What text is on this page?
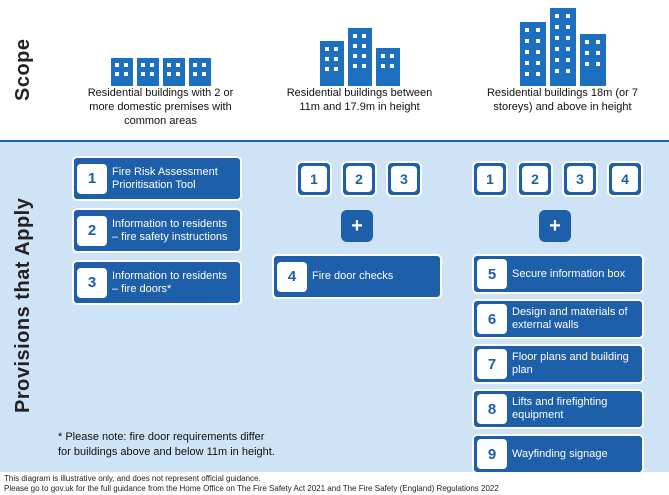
Scope	Residential buildings with 2 or more domestic premises with common areas
Residential buildings between 11m and 17.9m in height
Residential buildings 18m (or 7 storeys) and above in height
Provisions that Apply
1	Fire Risk Assessment Prioritisation Tool
2	Information to residents – fire safety instructions
3	Information to residents – fire doors*
1	2	3
+
4	Fire door checks
1	2	3	4
+
5	Secure information box
6	Design and materials of external walls
7	Floor plans and building plan
8	Lifts and firefighting equipment
9	Wayfinding signage
* Please note: fire door requirements differ
for buildings above and below 11m in height.
This diagram is illustrative only, and does not represent official guidance.
Please go to gov.uk for the full guidance from the Home Office on The Fire Safety Act 2021 and The Fire Safety (England) Regulations 2022
